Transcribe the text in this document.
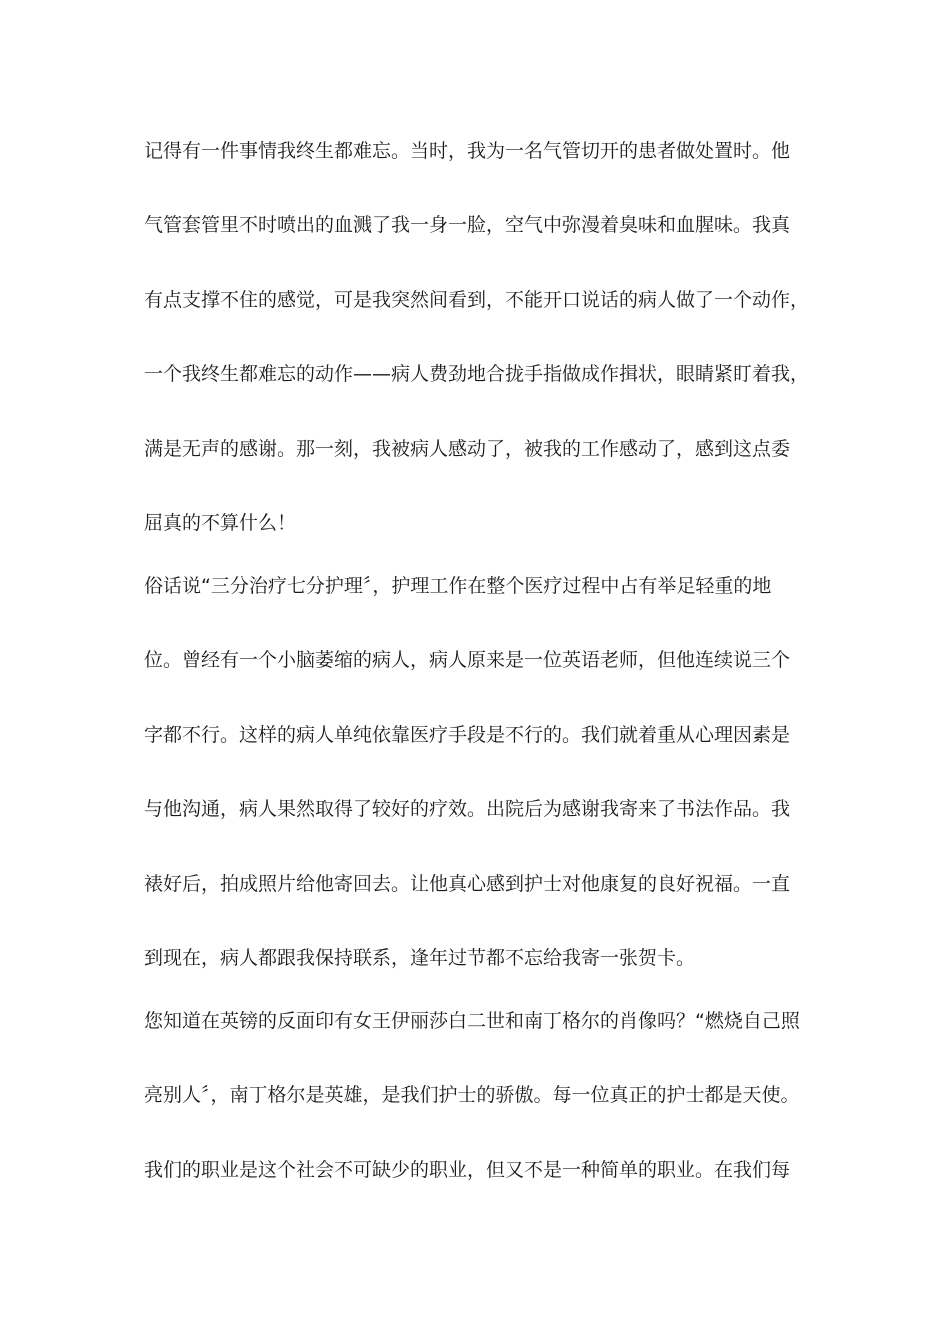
记得有一件事情我终生都难忘。当时，我为一名气管切开的患者做处置时。他
气管套管里不时喷出的血溅了我一身一脸，空气中弥漫着臭味和血腥味。我真
有点支撑不住的感觉，可是我突然间看到，不能开口说话的病人做了一个动作，
一个我终生都难忘的动作——病人费劲地合拢手指做成作揖状，眼睛紧盯着我，
满是无声的感谢。那一刻，我被病人感动了，被我的工作感动了，感到这点委
屈真的不算什么！
俗话说“三分治疗七分护理〞，护理工作在整个医疗过程中占有举足轻重的地
位。曾经有一个小脑萎缩的病人，病人原来是一位英语老师，但他连续说三个
字都不行。这样的病人单纯依靠医疗手段是不行的。我们就着重从心理因素是
与他沟通，病人果然取得了较好的疗效。出院后为感谢我寄来了书法作品。我
裱好后，拍成照片给他寄回去。让他真心感到护士对他康复的良好祝福。一直
到现在，病人都跟我保持联系，逢年过节都不忘给我寄一张贺卡。
您知道在英镑的反面印有女王伊丽莎白二世和南丁格尔的肖像吗？“燃烧自己照
亮别人〞，南丁格尔是英雄，是我们护士的骄傲。每一位真正的护士都是天使。
我们的职业是这个社会不可缺少的职业，但又不是一种简单的职业。在我们每
